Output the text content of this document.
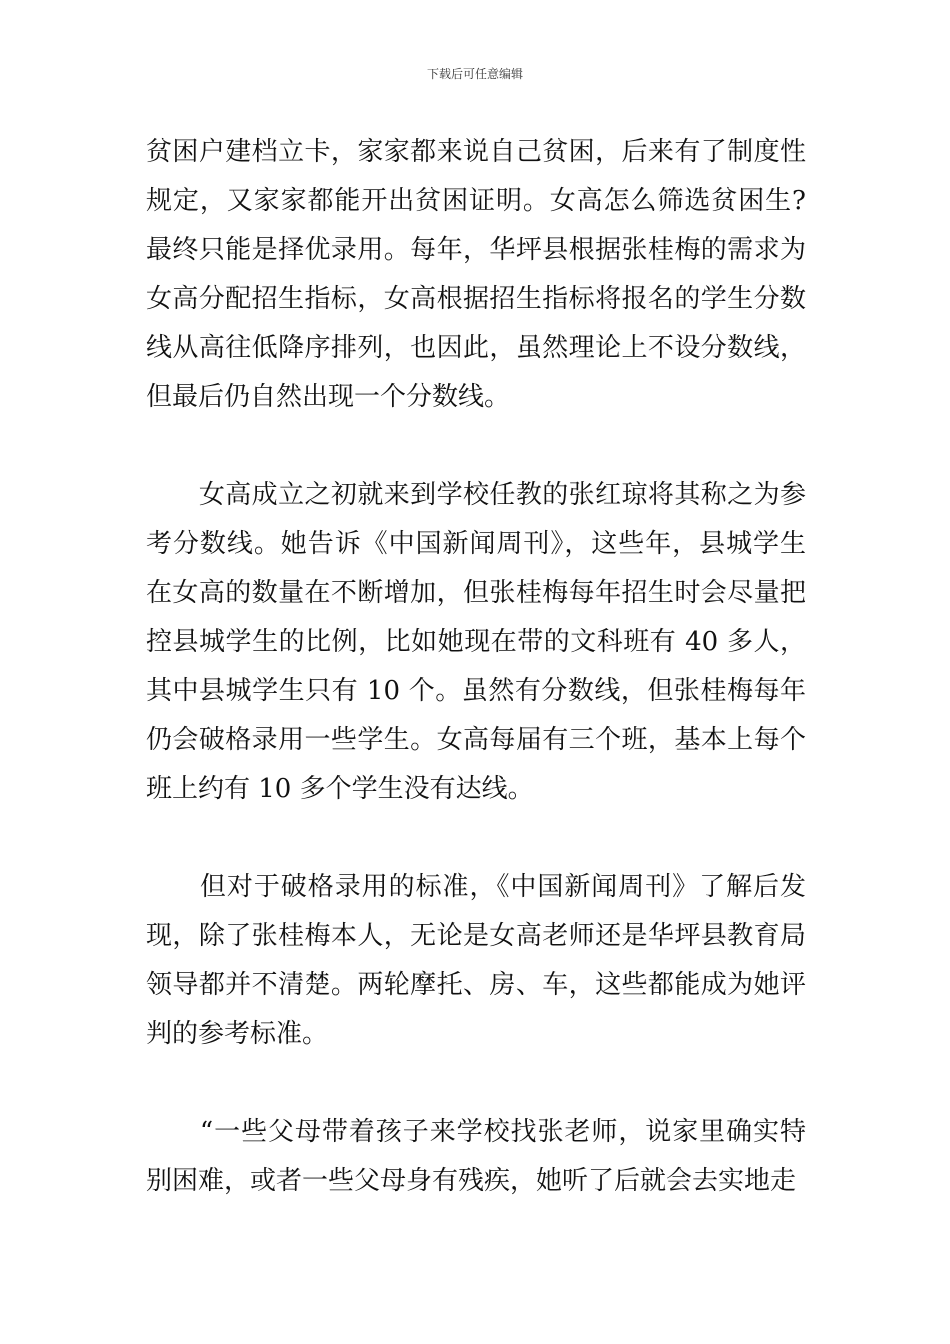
下载后可任意编辑

贫困户建档立卡，家家都来说自己贫困，后来有了制度性规定，又家家都能开出贫困证明。女高怎么筛选贫困生?最终只能是择优录用。每年，华坪县根据张桂梅的需求为女高分配招生指标，女高根据招生指标将报名的学生分数线从高往低降序排列，也因此，虽然理论上不设分数线，但最后仍自然出现一个分数线。

　　女高成立之初就来到学校任教的张红琼将其称之为参考分数线。她告诉《中国新闻周刊》，这些年，县城学生在女高的数量在不断增加，但张桂梅每年招生时会尽量把控县城学生的比例，比如她现在带的文科班有 40 多人，其中县城学生只有 10 个。虽然有分数线，但张桂梅每年仍会破格录用一些学生。女高每届有三个班，基本上每个班上约有 10 多个学生没有达线。

　　但对于破格录用的标准，《中国新闻周刊》了解后发现，除了张桂梅本人，无论是女高老师还是华坪县教育局领导都并不清楚。两轮摩托、房、车，这些都能成为她评判的参考标准。

　　“一些父母带着孩子来学校找张老师，说家里确实特别困难，或者一些父母身有残疾，她听了后就会去实地走
